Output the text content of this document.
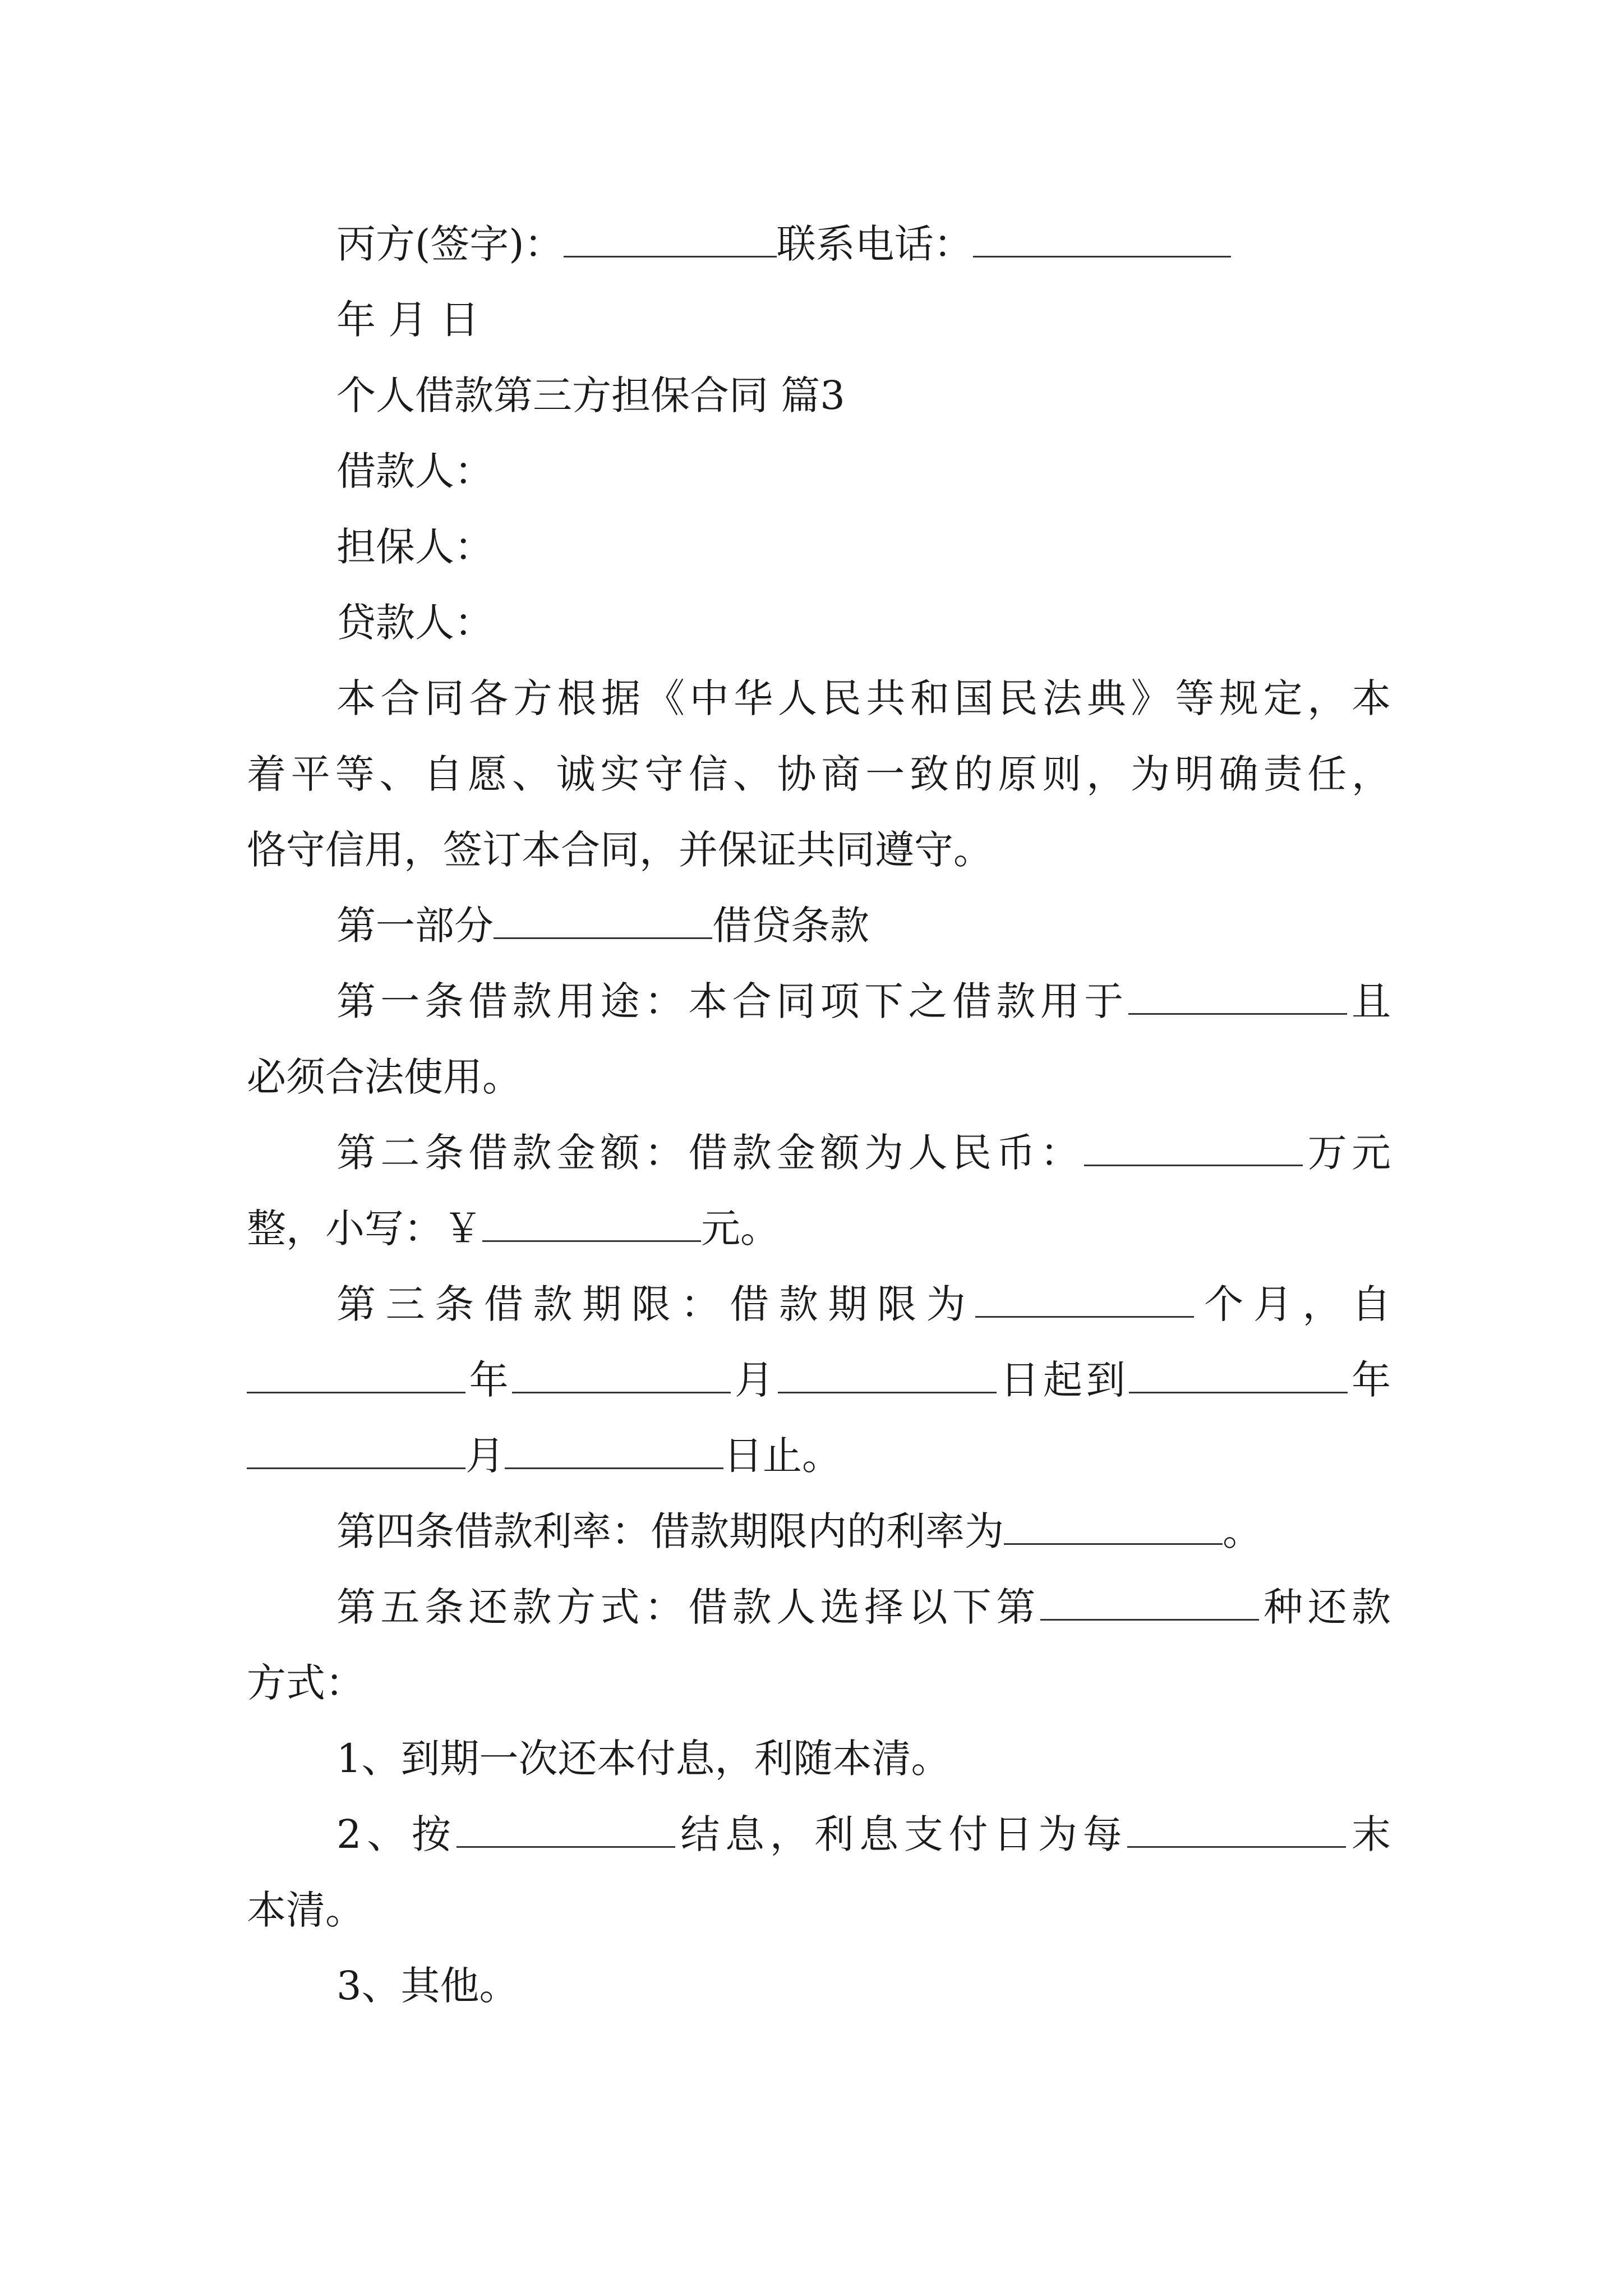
丙方(签字)：	联系电话：
年 月 日
个人借款第三方担保合同 篇3
借款人：
担保人：
贷款人：
本合同各方根据《中华人民共和国民法典》等规定，本
着平等、自愿、诚实守信、协商一致的原则，为明确责任，
恪守信用，签订本合同，并保证共同遵守。
第一部分	借贷条款
第一条借款用途：本合同项下之借款用于	且
必须合法使用。
第二条借款金额：借款金额为人民币：	万元
整，小写：￥	元。
第三条借款期限：借款期限为	个月，自
年	月	日起到	年
月	日止。
第四条借款利率：借款期限内的利率为	。
第五条还款方式：借款人选择以下第	种还款
方式：
1、到期一次还本付息，利随本清。
2、按	结息，利息支付日为每	末
本清。
3、其他。
